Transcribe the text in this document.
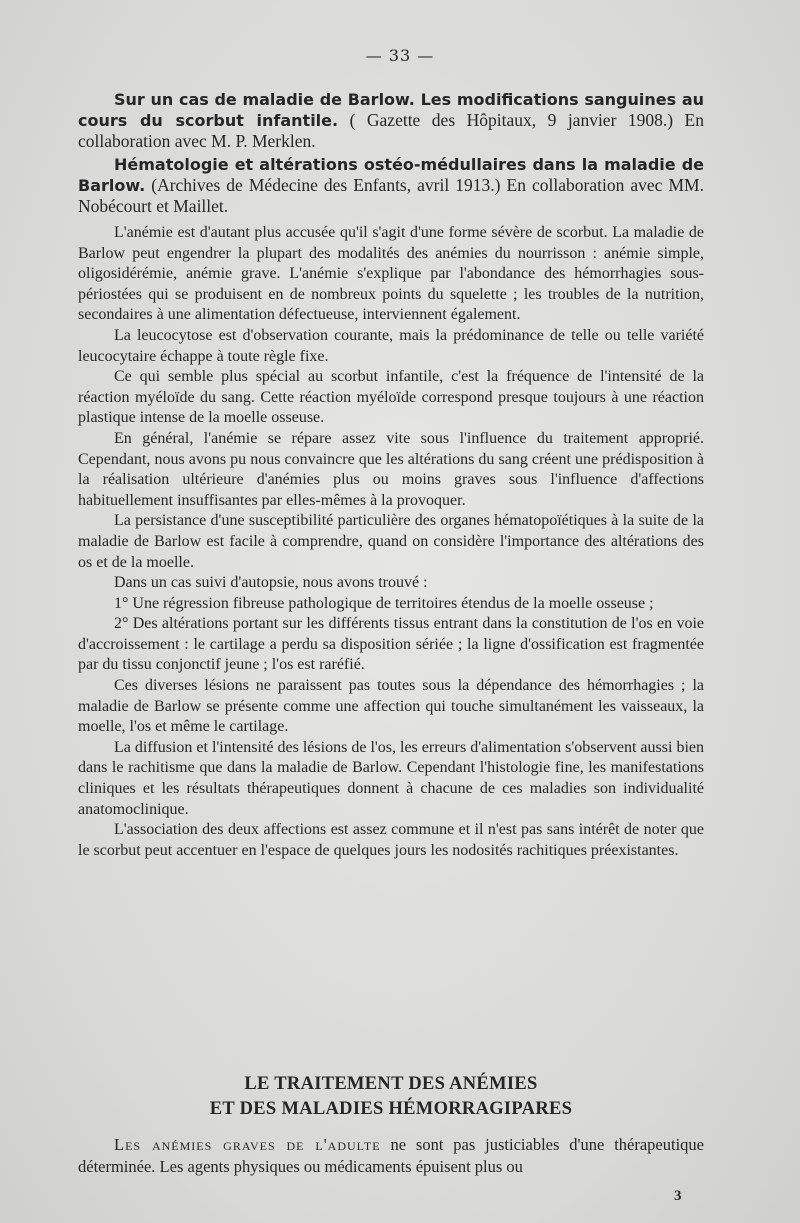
— 33 —

Sur un cas de maladie de Barlow. Les modifications sanguines au cours du scorbut infantile. ( Gazette des Hôpitaux, 9 janvier 1908.) En collaboration avec M. P. Merklen.

Hématologie et altérations ostéo-médullaires dans la maladie de Barlow. (Archives de Médecine des Enfants, avril 1913.) En collaboration avec MM. Nobécourt et Maillet.

L'anémie est d'autant plus accusée qu'il s'agit d'une forme sévère de scorbut. La maladie de Barlow peut engendrer la plupart des modalités des anémies du nourrisson : anémie simple, oligosidérémie, anémie grave. L'anémie s'explique par l'abondance des hémorrhagies sous-périostées qui se produisent en de nombreux points du squelette ; les troubles de la nutrition, secondaires à une alimentation défectueuse, interviennent également.

La leucocytose est d'observation courante, mais la prédominance de telle ou telle variété leucocytaire échappe à toute règle fixe.

Ce qui semble plus spécial au scorbut infantile, c'est la fréquence de l'intensité de la réaction myéloïde du sang. Cette réaction myéloïde correspond presque toujours à une réaction plastique intense de la moelle osseuse.

En général, l'anémie se répare assez vite sous l'influence du traitement approprié. Cependant, nous avons pu nous convaincre que les altérations du sang créent une prédisposition à la réalisation ultérieure d'anémies plus ou moins graves sous l'influence d'affections habituellement insuffisantes par elles-mêmes à la provoquer.

La persistance d'une susceptibilité particulière des organes hématopoïétiques à la suite de la maladie de Barlow est facile à comprendre, quand on considère l'importance des altérations des os et de la moelle.

Dans un cas suivi d'autopsie, nous avons trouvé :

1° Une régression fibreuse pathologique de territoires étendus de la moelle osseuse ;

2° Des altérations portant sur les différents tissus entrant dans la constitution de l'os en voie d'accroissement : le cartilage a perdu sa disposition sériée ; la ligne d'ossification est fragmentée par du tissu conjonctif jeune ; l'os est raréfié.

Ces diverses lésions ne paraissent pas toutes sous la dépendance des hémorrhagies ; la maladie de Barlow se présente comme une affection qui touche simultanément les vaisseaux, la moelle, l'os et même le cartilage.

La diffusion et l'intensité des lésions de l'os, les erreurs d'alimentation s'observent aussi bien dans le rachitisme que dans la maladie de Barlow. Cependant l'histologie fine, les manifestations cliniques et les résultats thérapeutiques donnent à chacune de ces maladies son individualité anatomoclinique.

L'association des deux affections est assez commune et il n'est pas sans intérêt de noter que le scorbut peut accentuer en l'espace de quelques jours les nodosités rachitiques préexistantes.

LE TRAITEMENT DES ANÉMIES
ET DES MALADIES HÉMORRAGIPARES

Les anémies graves de l'adulte ne sont pas justiciables d'une thérapeutique déterminée. Les agents physiques ou médicaments épuisent plus ou

3
